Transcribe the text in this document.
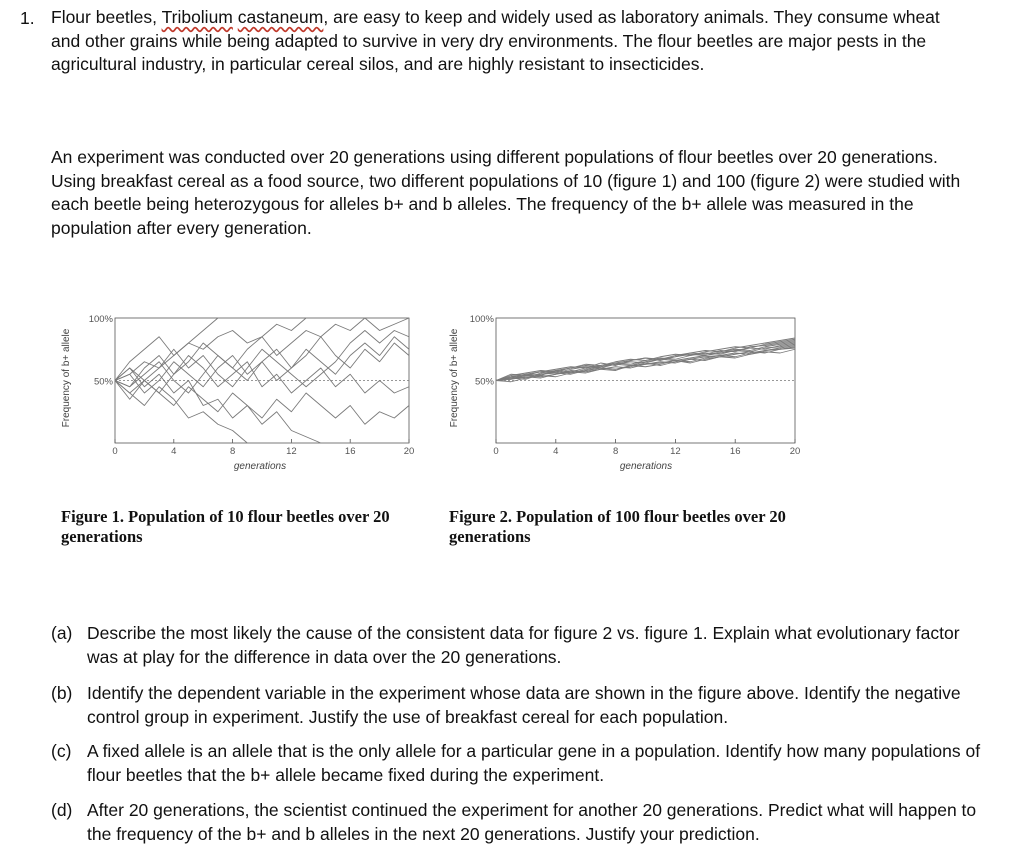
1. Flour beetles, Tribolium castaneum, are easy to keep and widely used as laboratory animals. They consume wheat and other grains while being adapted to survive in very dry environments. The flour beetles are major pests in the agricultural industry, in particular cereal silos, and are highly resistant to insecticides.
An experiment was conducted over 20 generations using different populations of flour beetles over 20 generations. Using breakfast cereal as a food source, two different populations of 10 (figure 1) and 100 (figure 2) were studied with each beetle being heterozygous for alleles b+ and b alleles. The frequency of the b+ allele was measured in the population after every generation.
Frequency of b+ allele
generations
0	4	8	12	16	20
50%
100%
Frequency of b+ allele
generations
0	4	8	12	16	20
50%
100%
Figure 1. Population of 10 flour beetles over 20 generations
Figure 2. Population of 100 flour beetles over 20 generations
(a) Describe the most likely the cause of the consistent data for figure 2 vs. figure 1. Explain what evolutionary factor was at play for the difference in data over the 20 generations.
(b) Identify the dependent variable in the experiment whose data are shown in the figure above. Identify the negative control group in experiment. Justify the use of breakfast cereal for each population.
(c) A fixed allele is an allele that is the only allele for a particular gene in a population. Identify how many populations of flour beetles that the b+ allele became fixed during the experiment.
(d) After 20 generations, the scientist continued the experiment for another 20 generations. Predict what will happen to the frequency of the b+ and b alleles in the next 20 generations. Justify your prediction.
